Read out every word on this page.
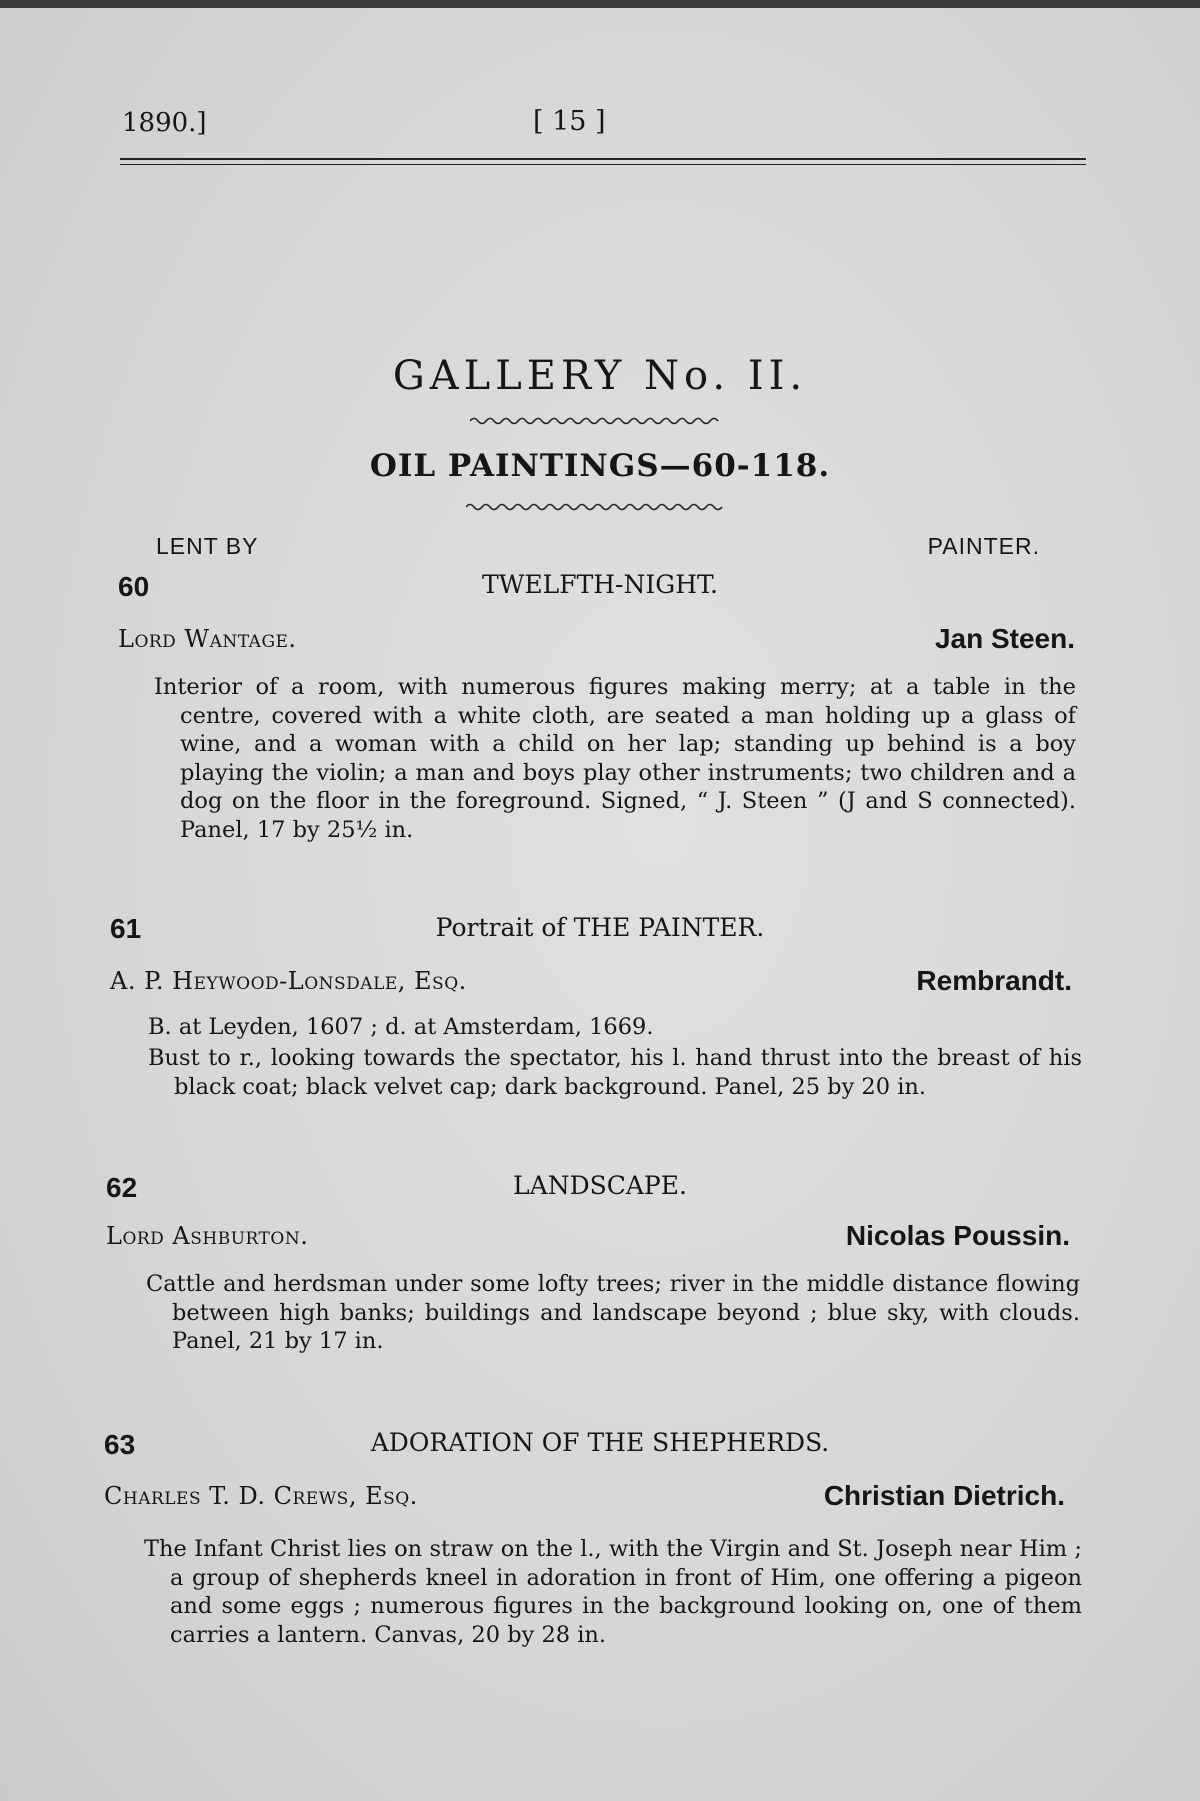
1890.]	[ 15 ]
GALLERY No. II.
OIL PAINTINGS—60-118.
LENT BY	PAINTER.
60	TWELFTH-NIGHT.
Lord Wantage.	Jan Steen.
Interior of a room, with numerous figures making merry; at a table in the centre, covered with a white cloth, are seated a man holding up a glass of wine, and a woman with a child on her lap; standing up behind is a boy playing the violin; a man and boys play other instruments; two children and a dog on the floor in the foreground. Signed, “ J. Steen ” (J and S connected). Panel, 17 by 25½ in.
61	Portrait of THE PAINTER.
A. P. Heywood-Lonsdale, Esq.	Rembrandt.
B. at Leyden, 1607 ; d. at Amsterdam, 1669.
Bust to r., looking towards the spectator, his l. hand thrust into the breast of his black coat; black velvet cap; dark background. Panel, 25 by 20 in.
62	LANDSCAPE.
Lord Ashburton.	Nicolas Poussin.
Cattle and herdsman under some lofty trees; river in the middle distance flowing between high banks; buildings and landscape beyond ; blue sky, with clouds. Panel, 21 by 17 in.
63	ADORATION OF THE SHEPHERDS.
Charles T. D. Crews, Esq.	Christian Dietrich.
The Infant Christ lies on straw on the l., with the Virgin and St. Joseph near Him ; a group of shepherds kneel in adoration in front of Him, one offering a pigeon and some eggs ; numerous figures in the background looking on, one of them carries a lantern. Canvas, 20 by 28 in.
